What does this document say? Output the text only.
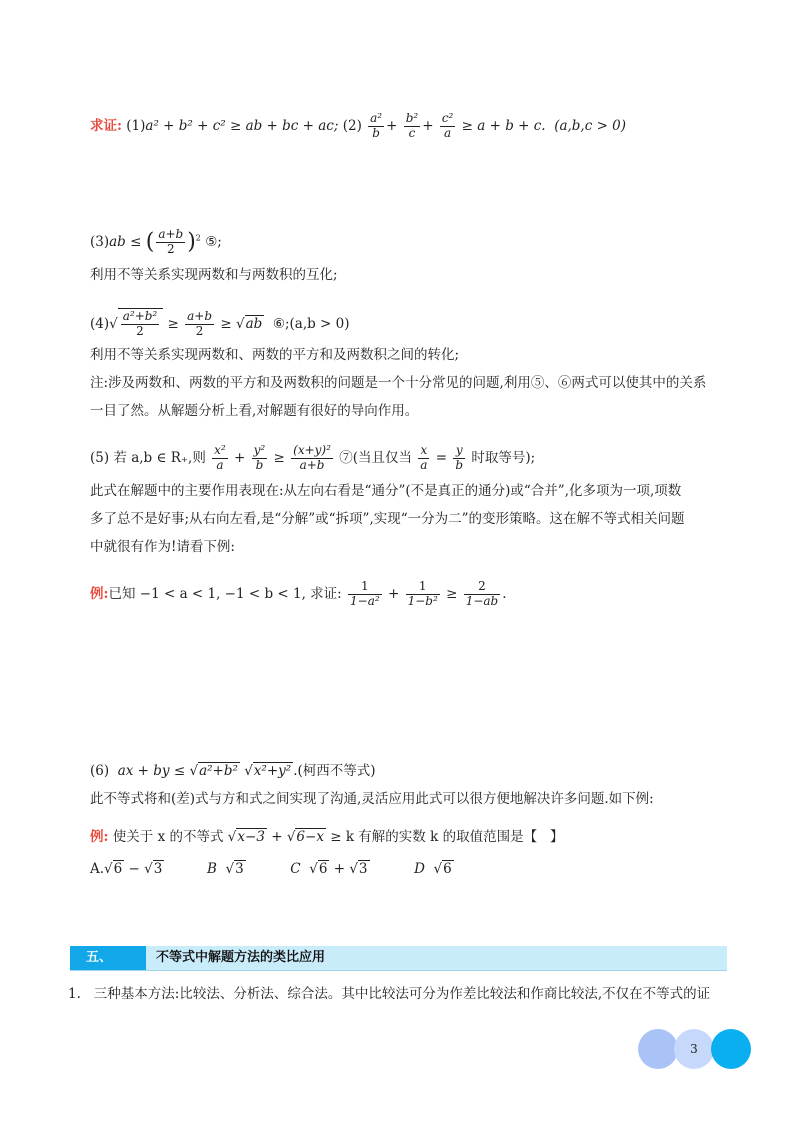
求证: (1)a² + b² + c² ≥ ab + bc + ac; $(2) \frac{\text{a²}}{b} + \frac{\text{b²}}{c} + \frac{\text{c²}}{a} \ge a + b + c$. (a,b,c > 0)
(3)ab ≤ ( $\frac{a+b}{2} )^2$ ⑤;
利用不等关系实现两数和与两数积的互化;
$(4)√ \frac{\text{a²+b²}}{2} \ge \frac{a+b}{2} \ge √ab$ ⑥;(a,b > 0)
利用不等关系实现两数和、两数的平方和及两数积之间的转化;
注:涉及两数和、两数的平方和及两数积的问题是一个十分常见的问题,利用⑤、⑥两式可以使其中的关系
一目了然。从解题分析上看,对解题有很好的导向作用。
(5) 若 a,b ∈ R₊,则 $\frac{\text{x²}}{a} + \frac{\text{y²}}{b} \ge \frac{\text{(x+y)²}}{a+b}$ ⑦(当且仅当 $\frac{x}{a} = \frac{y}{b}$ 时取等号);
此式在解题中的主要作用表现在:从左向右看是“通分”(不是真正的通分)或“合并”,化多项为一项,项数
多了总不是好事;从右向左看,是“分解”或“拆项”,实现“一分为二”的变形策略。这在解不等式相关问题
中就很有作为!请看下例:
例:已知 −1 < a < 1, −1 < b < 1, 求证: $\frac{1}{\text{1−a²}} + \frac{1}{\text{1−b²}} \ge \frac{2}{1-ab}$ .
(6) ax + by ≤ √a²+b² √x²+y² .(柯西不等式)
此不等式将和(差)式与方和式之间实现了沟通,灵活应用此式可以很方便地解决许多问题.如下例:
例: 使关于 x 的不等式 √x−3 + √6−x ≥ k 有解的实数 k 的取值范围是【 】
A.√6 − √3	B √3	C √6 + √3	D √6
五、	不等式中解题方法的类比应用
1. 三种基本方法:比较法、分析法、综合法。其中比较法可分为作差比较法和作商比较法,不仅在不等式的证
3
